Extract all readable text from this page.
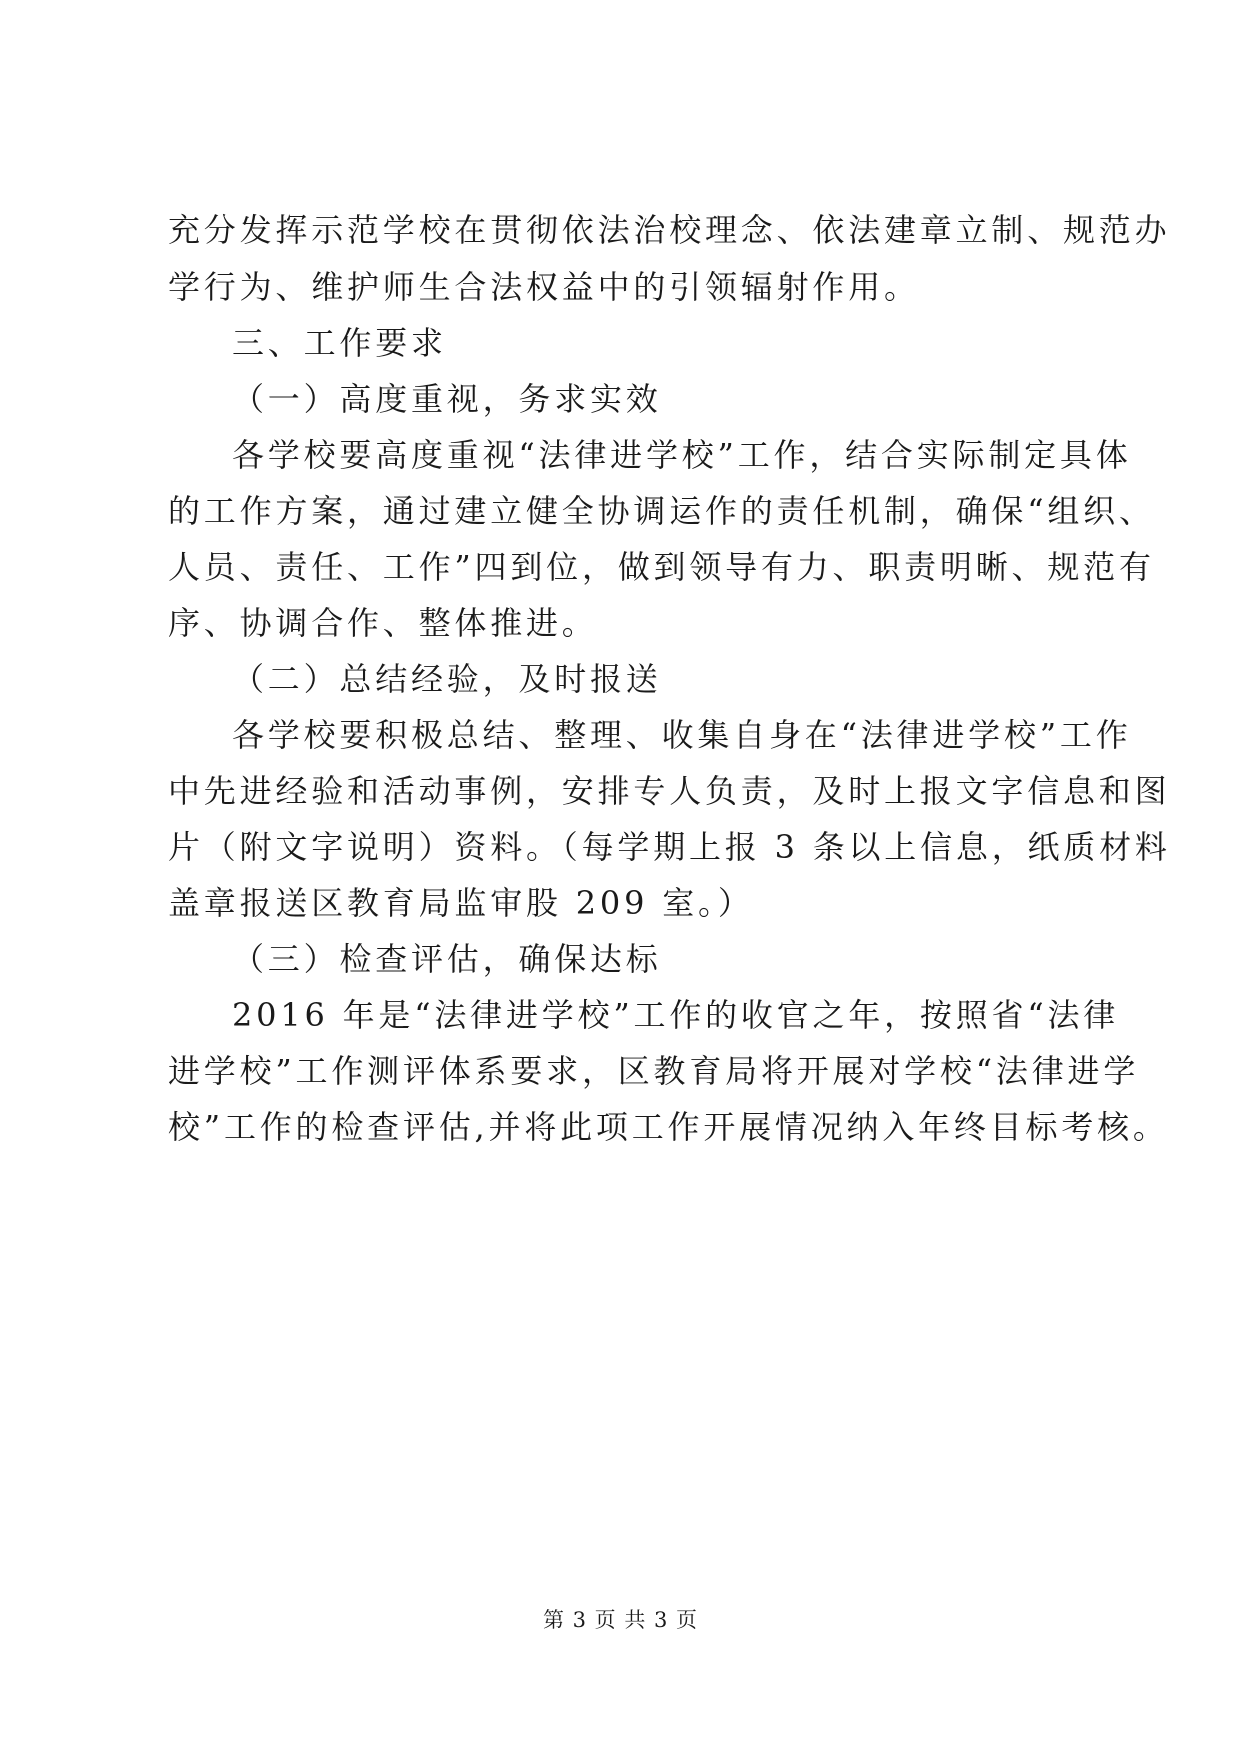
充分发挥示范学校在贯彻依法治校理念、依法建章立制、规范办
学行为、维护师生合法权益中的引领辐射作用。
三、工作要求
（一）高度重视，务求实效
各学校要高度重视“法律进学校”工作，结合实际制定具体
的工作方案，通过建立健全协调运作的责任机制，确保“组织、
人员、责任、工作”四到位，做到领导有力、职责明晰、规范有
序、协调合作、整体推进。
（二）总结经验，及时报送
各学校要积极总结、整理、收集自身在“法律进学校”工作
中先进经验和活动事例，安排专人负责，及时上报文字信息和图
片（附文字说明）资料。（每学期上报 3 条以上信息，纸质材料
盖章报送区教育局监审股 209 室。）
（三）检查评估，确保达标
2016 年是“法律进学校”工作的收官之年，按照省“法律
进学校”工作测评体系要求，区教育局将开展对学校“法律进学
校”工作的检查评估,并将此项工作开展情况纳入年终目标考核。
第 3 页 共 3 页
